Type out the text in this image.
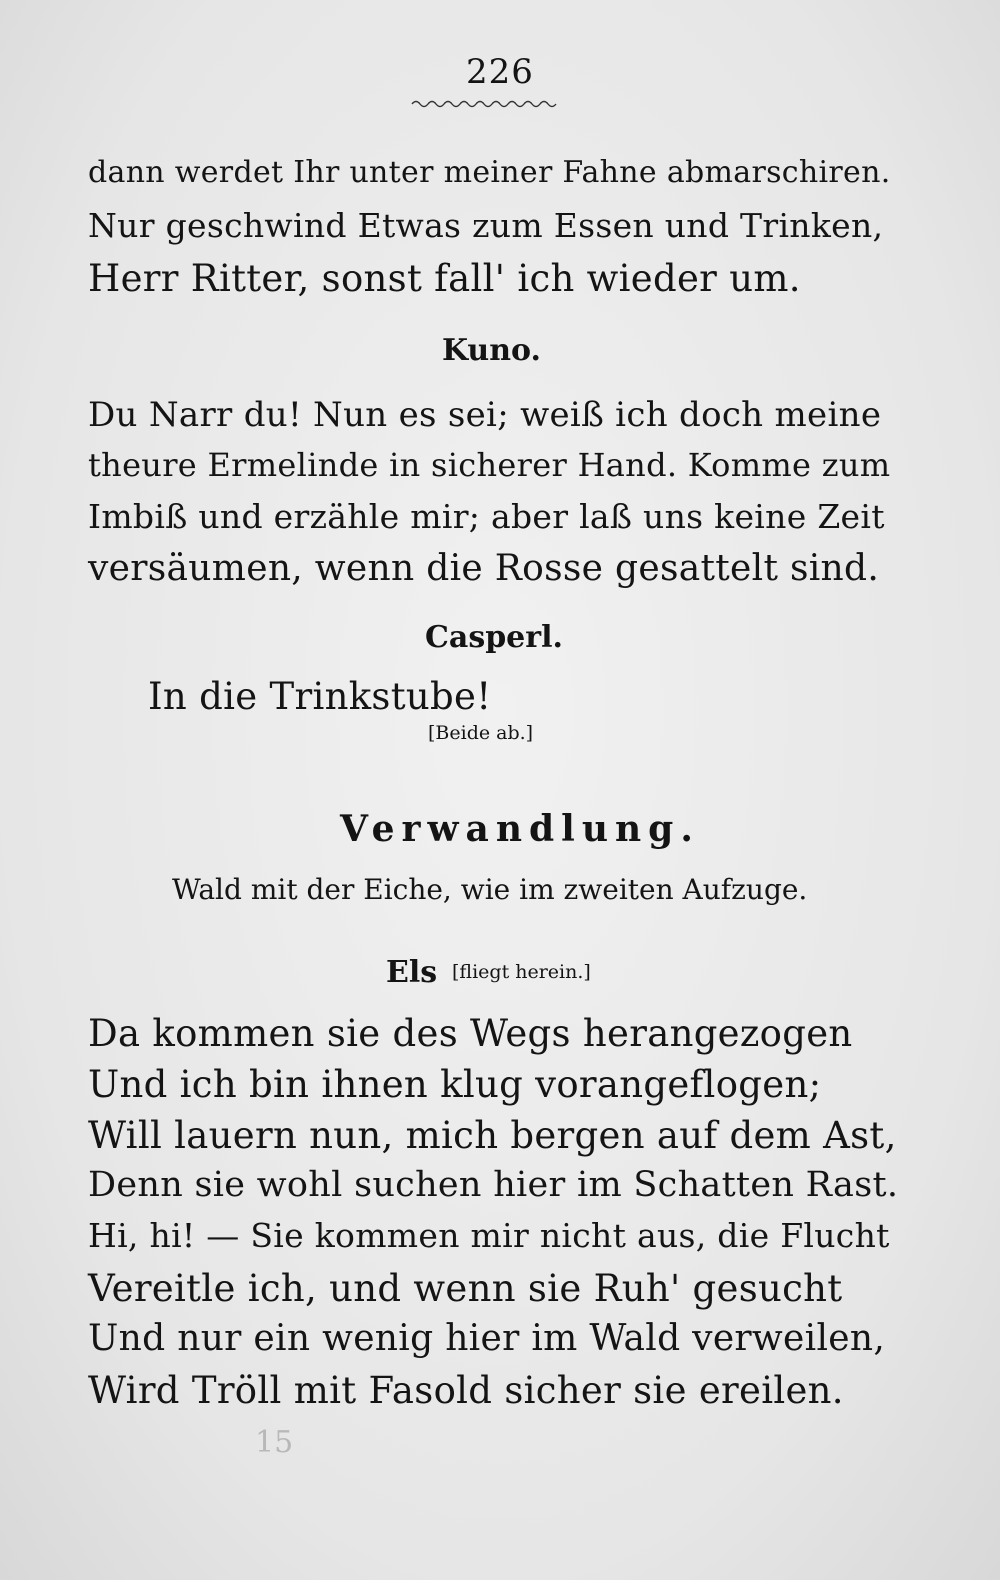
226
dann werdet Ihr unter meiner Fahne abmarschiren.
Nur geschwind Etwas zum Essen und Trinken,
Herr Ritter, sonst fall' ich wieder um.
Kuno.
Du Narr du! Nun es sei; weiß ich doch meine
theure Ermelinde in sicherer Hand. Komme zum
Imbiß und erzähle mir; aber laß uns keine Zeit
versäumen, wenn die Rosse gesattelt sind.
Casperl.
In die Trinkstube!
[Beide ab.]
Verwandlung.
Wald mit der Eiche, wie im zweiten Aufzuge.
Els [fliegt herein.]
Da kommen sie des Wegs herangezogen
Und ich bin ihnen klug vorangeflogen;
Will lauern nun, mich bergen auf dem Ast,
Denn sie wohl suchen hier im Schatten Rast.
Hi, hi! — Sie kommen mir nicht aus, die Flucht
Vereitle ich, und wenn sie Ruh' gesucht
Und nur ein wenig hier im Wald verweilen,
Wird Tröll mit Fasold sicher sie ereilen.
15
